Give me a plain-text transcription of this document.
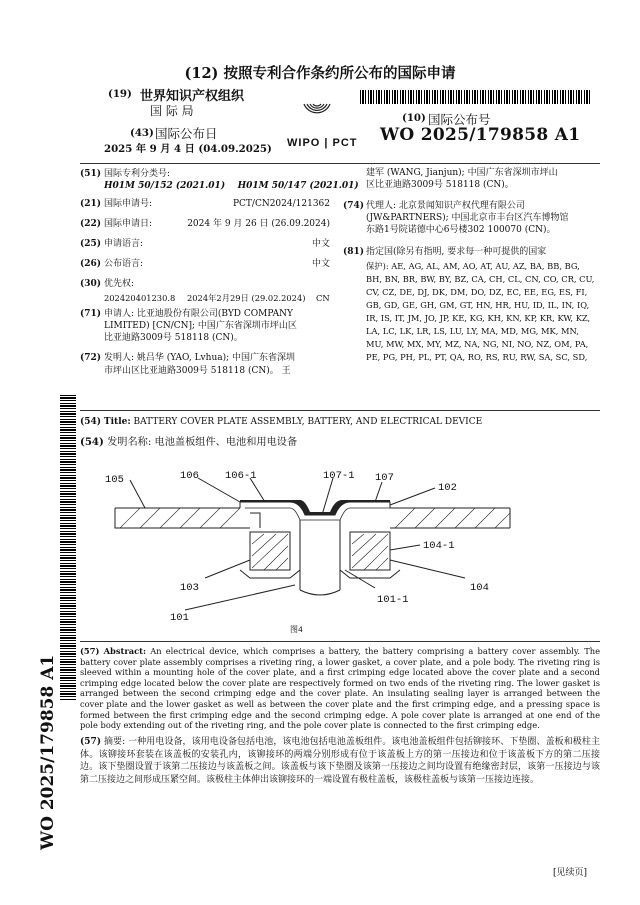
(12) 按照专利合作条约所公布的国际申请
(19) 世界知识产权组织
国 际 局
(43) 国际公布日
2025 年 9 月 4 日 (04.09.2025) WIPO | PCT
(10) 国际公布号
WO 2025/179858 A1
(51) 国际专利分类号:
H01M 50/152 (2021.01)    H01M 50/147 (2021.01)
(21) 国际申请号:	PCT/CN2024/121362
(22) 国际申请日:	2024 年 9 月 26 日 (26.09.2024)
(25) 申请语言:	中文
(26) 公布语言:	中文
(30) 优先权:
202420401230.8 2024年2月29日 (29.02.2024) CN
(71) 申请人: 比亚迪股份有限公司(BYD COMPANY
LIMITED) [CN/CN]; 中国广东省深圳市坪山区
比亚迪路3009号 518118 (CN)。
(72) 发明人: 姚吕华 (YAO, Lvhua); 中国广东省深圳
市坪山区比亚迪路3009号 518118 (CN)。 王
建军 (WANG, Jianjun); 中国广东省深圳市坪山
区比亚迪路3009号 518118 (CN)。
(74) 代理人: 北京景闻知识产权代理有限公司
(JW&PARTNERS); 中国北京市丰台区汽车博物馆
东路1号院诺德中心6号楼302 100070 (CN)。
(81) 指定国(除另有指明, 要求每一种可提供的国家
保护): AE, AG, AL, AM, AO, AT, AU, AZ, BA, BB, BG,
BH, BN, BR, BW, BY, BZ, CA, CH, CL, CN, CO, CR, CU,
CV, CZ, DE, DJ, DK, DM, DO, DZ, EC, EE, EG, ES, FI,
GB, GD, GE, GH, GM, GT, HN, HR, HU, ID, IL, IN, IQ,
IR, IS, IT, JM, JO, JP, KE, KG, KH, KN, KP, KR, KW, KZ,
LA, LC, LK, LR, LS, LU, LY, MA, MD, MG, MK, MN,
MU, MW, MX, MY, MZ, NA, NG, NI, NO, NZ, OM, PA,
PE, PG, PH, PL, PT, QA, RO, RS, RU, RW, SA, SC, SD,
WO 2025/179858 A1
(54) Title: BATTERY COVER PLATE ASSEMBLY, BATTERY, AND ELECTRICAL DEVICE
(54) 发明名称: 电池盖板组件、电池和用电设备
105	106 106-1	107-1 107
102
104-1
103	104
101-1
101
图4
(57) Abstract: An electrical device, which comprises a battery, the battery comprising a battery cover assembly. The battery cover plate assembly comprises a riveting ring, a lower gasket, a cover plate, and a pole body. The riveting ring is sleeved within a mounting hole of the cover plate, and a first crimping edge located above the cover plate and a second crimping edge located below the cover plate are respectively formed on two ends of the riveting ring. The lower gasket is arranged between the second crimping edge and the cover plate. An insulating sealing layer is arranged between the cover plate and the lower gasket as well as between the cover plate and the first crimping edge, and a pressing space is formed between the first crimping edge and the second crimping edge. A pole cover plate is arranged at one end of the pole body extending out of the riveting ring, and the pole cover plate is connected to the first crimping edge.
(57) 摘要: 一种用电设备，该用电设备包括电池，该电池包括电池盖板组件。该电池盖板组件包括铆接环、下垫圈、盖板和极柱主体。该铆接环套装在该盖板的安装孔内，该铆接环的两端分别形成有位于该盖板上方的第一压接边和位于该盖板下方的第二压接边。该下垫圈设置于该第二压接边与该盖板之间。该盖板与该下垫圈及该第一压接边之间均设置有绝缘密封层，该第一压接边与该第二压接边之间形成压紧空间。该极柱主体伸出该铆接环的一端设置有极柱盖板，该极柱盖板与该第一压接边连接。
[见续页]
